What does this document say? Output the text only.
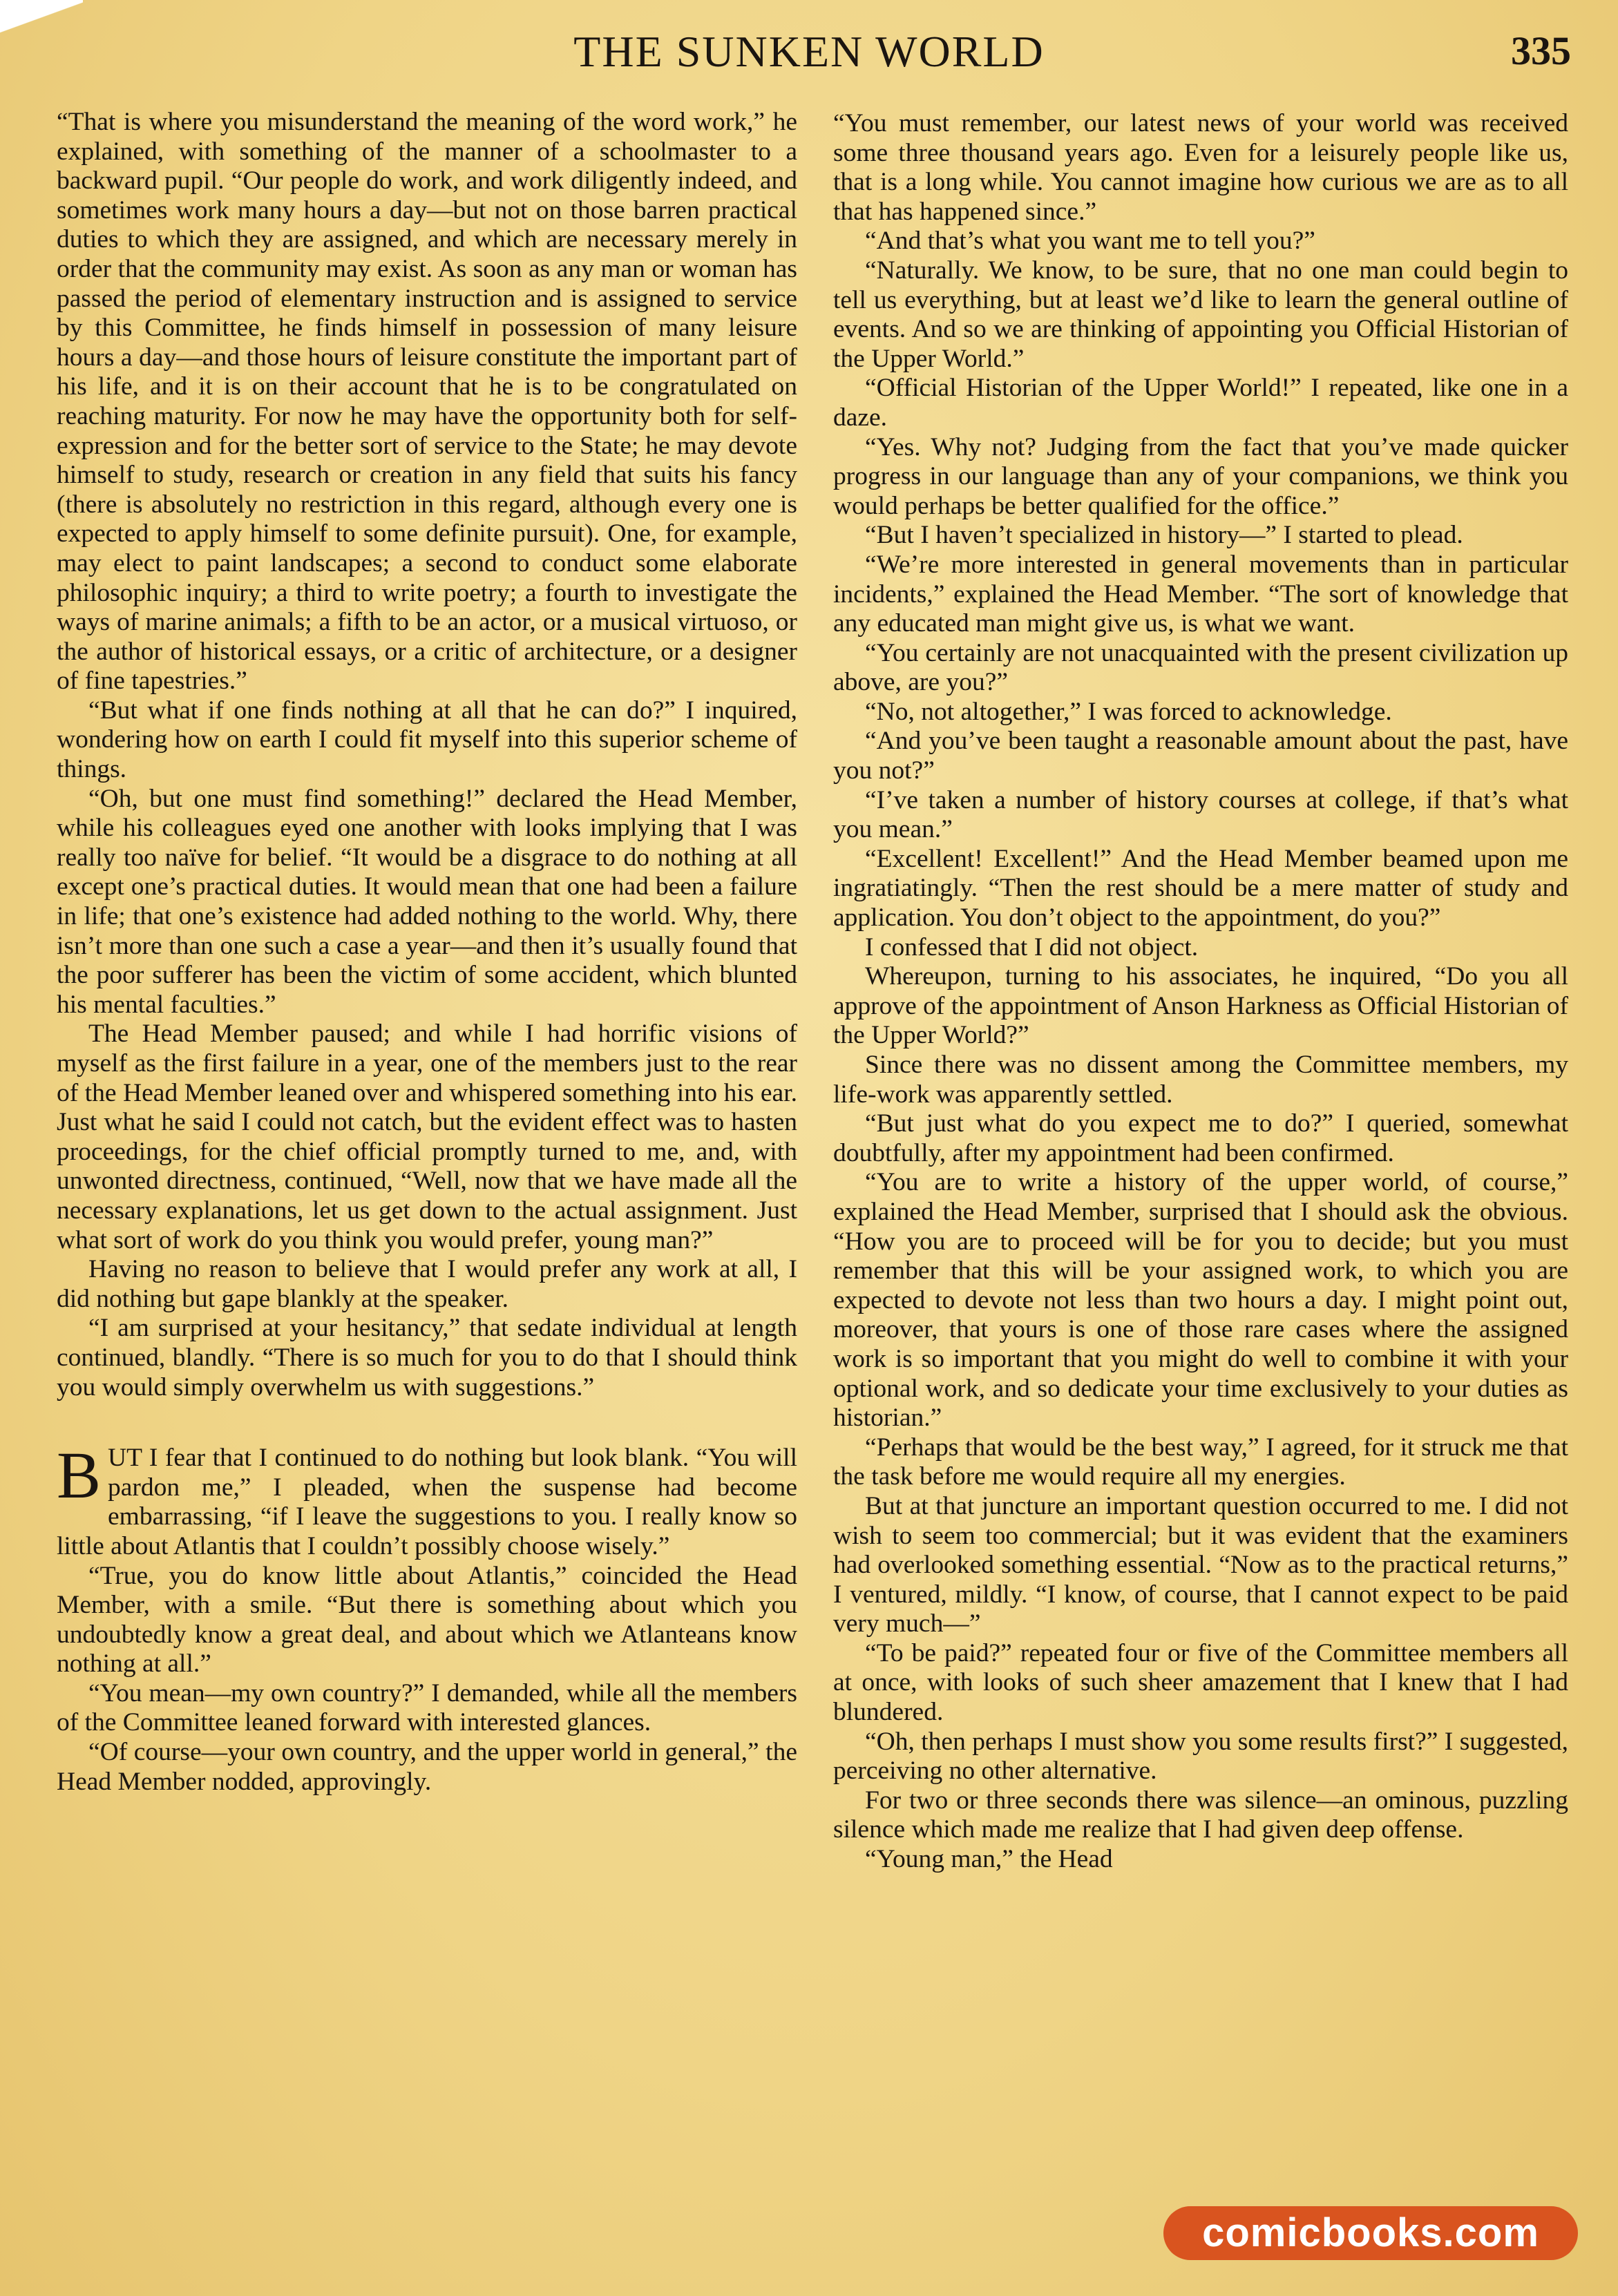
THE SUNKEN WORLD	335

“That is where you misunderstand the meaning of the word work,” he explained, with something of the manner of a schoolmaster to a backward pupil. “Our people do work, and work diligently indeed, and sometimes work many hours a day—but not on those barren practical duties to which they are assigned, and which are necessary merely in order that the community may exist. As soon as any man or woman has passed the period of elementary instruction and is assigned to service by this Committee, he finds himself in possession of many leisure hours a day—and those hours of leisure constitute the important part of his life, and it is on their account that he is to be congratulated on reaching maturity. For now he may have the opportunity both for self-expression and for the better sort of service to the State; he may devote himself to study, research or creation in any field that suits his fancy (there is absolutely no restriction in this regard, although every one is expected to apply himself to some definite pursuit). One, for example, may elect to paint landscapes; a second to conduct some elaborate philosophic inquiry; a third to write poetry; a fourth to investigate the ways of marine animals; a fifth to be an actor, or a musical virtuoso, or the author of historical essays, or a critic of architecture, or a designer of fine tapestries.”

“But what if one finds nothing at all that he can do?” I inquired, wondering how on earth I could fit myself into this superior scheme of things.

“Oh, but one must find something!” declared the Head Member, while his colleagues eyed one another with looks implying that I was really too naïve for belief. “It would be a disgrace to do nothing at all except one’s practical duties. It would mean that one had been a failure in life; that one’s existence had added nothing to the world. Why, there isn’t more than one such a case a year—and then it’s usually found that the poor sufferer has been the victim of some accident, which blunted his mental faculties.”

The Head Member paused; and while I had horrific visions of myself as the first failure in a year, one of the members just to the rear of the Head Member leaned over and whispered something into his ear. Just what he said I could not catch, but the evident effect was to hasten proceedings, for the chief official promptly turned to me, and, with unwonted directness, continued, “Well, now that we have made all the necessary explanations, let us get down to the actual assignment. Just what sort of work do you think you would prefer, young man?”

Having no reason to believe that I would prefer any work at all, I did nothing but gape blankly at the speaker.

“I am surprised at your hesitancy,” that sedate individual at length continued, blandly. “There is so much for you to do that I should think you would simply overwhelm us with suggestions.”

BUT I fear that I continued to do nothing but look blank. “You will pardon me,” I pleaded, when the suspense had become embarrassing, “if I leave the suggestions to you. I really know so little about Atlantis that I couldn’t possibly choose wisely.”

“True, you do know little about Atlantis,” coincided the Head Member, with a smile. “But there is something about which you undoubtedly know a great deal, and about which we Atlanteans know nothing at all.”

“You mean—my own country?” I demanded, while all the members of the Committee leaned forward with interested glances.

“Of course—your own country, and the upper world in general,” the Head Member nodded, approvingly.

“You must remember, our latest news of your world was received some three thousand years ago. Even for a leisurely people like us, that is a long while. You cannot imagine how curious we are as to all that has happened since.”

“And that’s what you want me to tell you?”

“Naturally. We know, to be sure, that no one man could begin to tell us everything, but at least we’d like to learn the general outline of events. And so we are thinking of appointing you Official Historian of the Upper World.”

“Official Historian of the Upper World!” I repeated, like one in a daze.

“Yes. Why not? Judging from the fact that you’ve made quicker progress in our language than any of your companions, we think you would perhaps be better qualified for the office.”

“But I haven’t specialized in history—” I started to plead.

“We’re more interested in general movements than in particular incidents,” explained the Head Member. “The sort of knowledge that any educated man might give us, is what we want.

“You certainly are not unacquainted with the present civilization up above, are you?”

“No, not altogether,” I was forced to acknowledge.

“And you’ve been taught a reasonable amount about the past, have you not?”

“I’ve taken a number of history courses at college, if that’s what you mean.”

“Excellent! Excellent!” And the Head Member beamed upon me ingratiatingly. “Then the rest should be a mere matter of study and application. You don’t object to the appointment, do you?”

I confessed that I did not object.

Whereupon, turning to his associates, he inquired, “Do you all approve of the appointment of Anson Harkness as Official Historian of the Upper World?”

Since there was no dissent among the Committee members, my life-work was apparently settled.

“But just what do you expect me to do?” I queried, somewhat doubtfully, after my appointment had been confirmed.

“You are to write a history of the upper world, of course,” explained the Head Member, surprised that I should ask the obvious. “How you are to proceed will be for you to decide; but you must remember that this will be your assigned work, to which you are expected to devote not less than two hours a day. I might point out, moreover, that yours is one of those rare cases where the assigned work is so important that you might do well to combine it with your optional work, and so dedicate your time exclusively to your duties as historian.”

“Perhaps that would be the best way,” I agreed, for it struck me that the task before me would require all my energies.

But at that juncture an important question occurred to me. I did not wish to seem too commercial; but it was evident that the examiners had overlooked something essential. “Now as to the practical returns,” I ventured, mildly. “I know, of course, that I cannot expect to be paid very much—”

“To be paid?” repeated four or five of the Committee members all at once, with looks of such sheer amazement that I knew that I had blundered.

“Oh, then perhaps I must show you some results first?” I suggested, perceiving no other alternative.

For two or three seconds there was silence—an ominous, puzzling silence which made me realize that I had given deep offense.

“Young man,” the Head

comicbooks.com
